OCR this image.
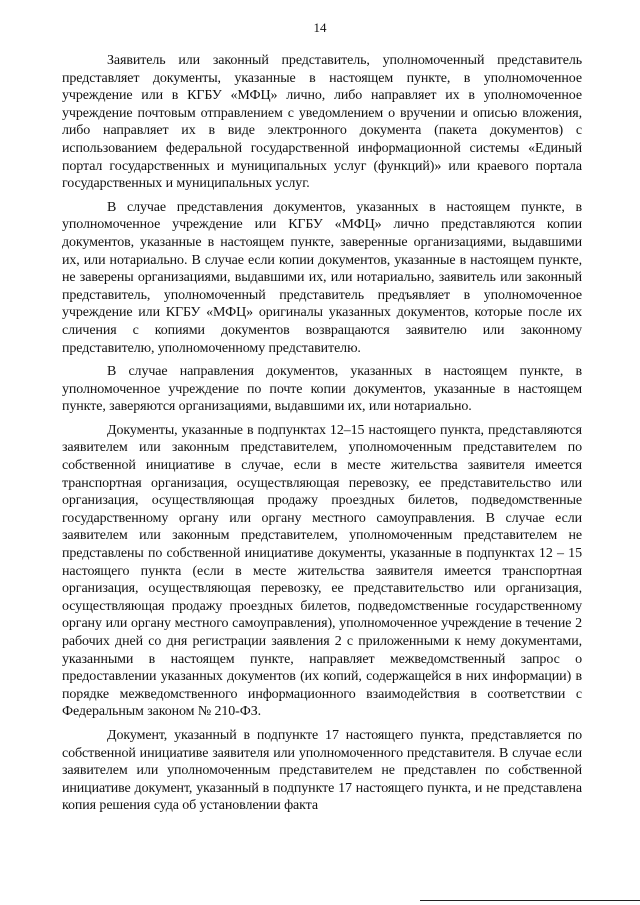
14

Заявитель или законный представитель, уполномоченный представитель представляет документы, указанные в настоящем пункте, в уполномоченное учреждение или в КГБУ «МФЦ» лично, либо направляет их в уполномоченное учреждение почтовым отправлением с уведомлением о вручении и описью вложения, либо направляет их в виде электронного документа (пакета документов) с использованием федеральной государственной информационной системы «Единый портал государственных и муниципальных услуг (функций)» или краевого портала государственных и муниципальных услуг.

В случае представления документов, указанных в настоящем пункте, в уполномоченное учреждение или КГБУ «МФЦ» лично представляются копии документов, указанные в настоящем пункте, заверенные организациями, выдавшими их, или нотариально. В случае если копии документов, указанные в настоящем пункте, не заверены организациями, выдавшими их, или нотариально, заявитель или законный представитель, уполномоченный представитель предъявляет в уполномоченное учреждение или КГБУ «МФЦ» оригиналы указанных документов, которые после их сличения с копиями документов возвращаются заявителю или законному представителю, уполномоченному представителю.

В случае направления документов, указанных в настоящем пункте, в уполномоченное учреждение по почте копии документов, указанные в настоящем пункте, заверяются организациями, выдавшими их, или нотариально.

Документы, указанные в подпунктах 12–15 настоящего пункта, представляются заявителем или законным представителем, уполномоченным представителем по собственной инициативе в случае, если в месте жительства заявителя имеется транспортная организация, осуществляющая перевозку, ее представительство или организация, осуществляющая продажу проездных билетов, подведомственные государственному органу или органу местного самоуправления. В случае если заявителем или законным представителем, уполномоченным представителем не представлены по собственной инициативе документы, указанные в подпунктах 12 – 15 настоящего пункта (если в месте жительства заявителя имеется транспортная организация, осуществляющая перевозку, ее представительство или организация, осуществляющая продажу проездных билетов, подведомственные государственному органу или органу местного самоуправления), уполномоченное учреждение в течение 2 рабочих дней со дня регистрации заявления 2 с приложенными к нему документами, указанными в настоящем пункте, направляет межведомственный запрос о предоставлении указанных документов (их копий, содержащейся в них информации) в порядке межведомственного информационного взаимодействия в соответствии с Федеральным законом № 210-ФЗ.

Документ, указанный в подпункте 17 настоящего пункта, представляется по собственной инициативе заявителя или уполномоченного представителя. В случае если заявителем или уполномоченным представителем не представлен по собственной инициативе документ, указанный в подпункте 17 настоящего пункта, и не представлена копия решения суда об установлении факта
